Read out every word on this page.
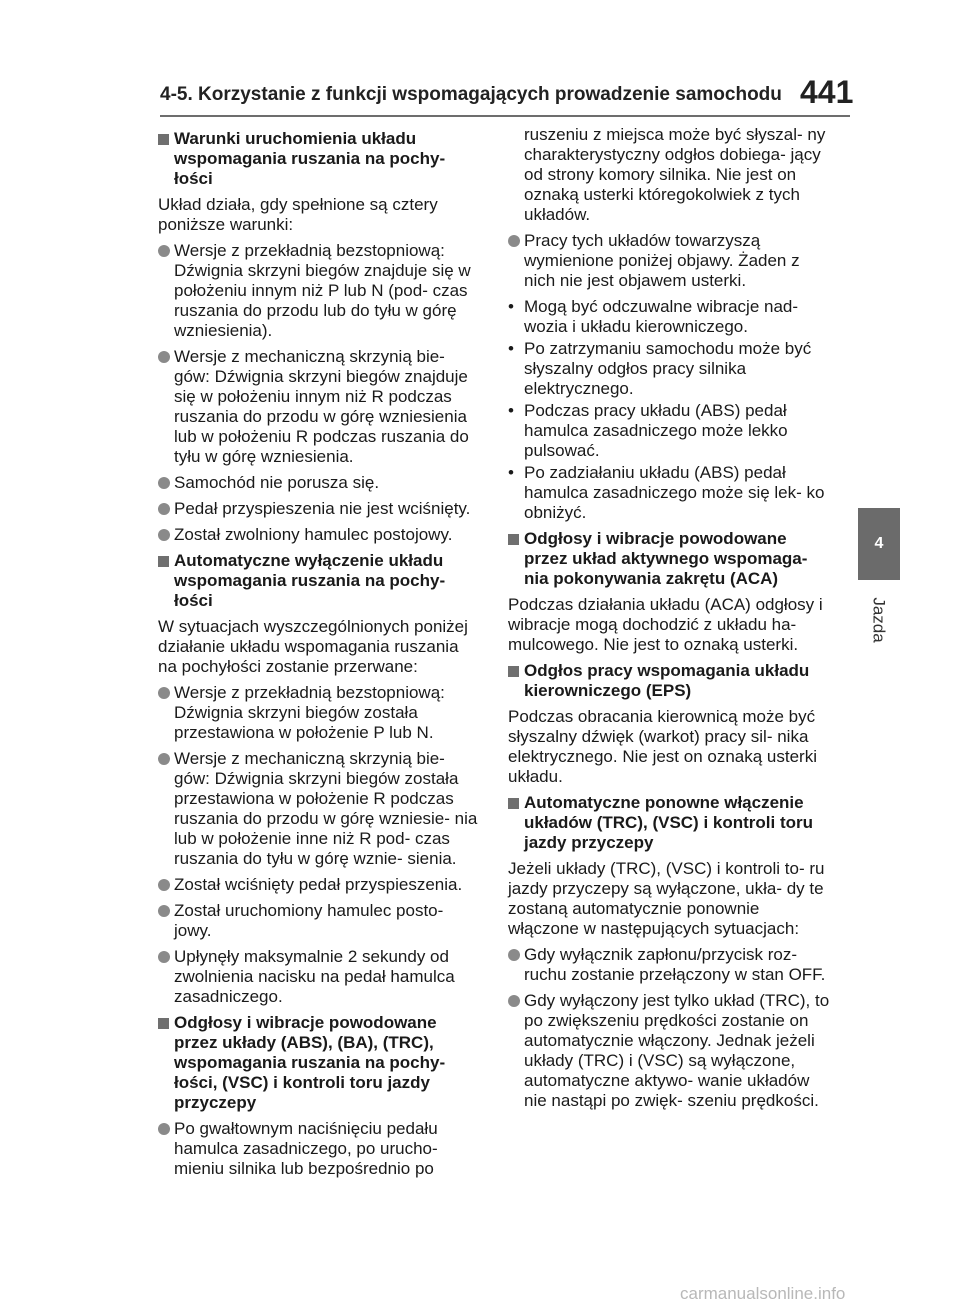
4-5. Korzystanie z funkcji wspomagających prowadzenie samochodu 441
4
Jazda
Warunki uruchomienia układu wspomagania ruszania na pochy- łości
Układ działa, gdy spełnione są cztery poniższe warunki:
Wersje z przekładnią bezstopniową: Dźwignia skrzyni biegów znajduje się w położeniu innym niż P lub N (pod- czas ruszania do przodu lub do tyłu w górę wzniesienia).
Wersje z mechaniczną skrzynią bie- gów: Dźwignia skrzyni biegów znajduje się w położeniu innym niż R podczas ruszania do przodu w górę wzniesienia lub w położeniu R podczas ruszania do tyłu w górę wzniesienia.
Samochód nie porusza się.
Pedał przyspieszenia nie jest wciśnięty.
Został zwolniony hamulec postojowy.
Automatyczne wyłączenie układu wspomagania ruszania na pochy- łości
W sytuacjach wyszczególnionych poniżej działanie układu wspomagania ruszania na pochyłości zostanie przerwane:
Wersje z przekładnią bezstopniową: Dźwignia skrzyni biegów została przestawiona w położenie P lub N.
Wersje z mechaniczną skrzynią bie- gów: Dźwignia skrzyni biegów została przestawiona w położenie R podczas ruszania do przodu w górę wzniesie- nia lub w położenie inne niż R pod- czas ruszania do tyłu w górę wznie- sienia.
Został wciśnięty pedał przyspieszenia.
Został uruchomiony hamulec posto- jowy.
Upłynęły maksymalnie 2 sekundy od zwolnienia nacisku na pedał hamulca zasadniczego.
Odgłosy i wibracje powodowane przez układy (ABS), (BA), (TRC), wspomagania ruszania na pochy- łości, (VSC) i kontroli toru jazdy przyczepy
Po gwałtownym naciśnięciu pedału hamulca zasadniczego, po urucho- mieniu silnika lub bezpośrednio po
ruszeniu z miejsca może być słyszal- ny charakterystyczny odgłos dobiega- jący od strony komory silnika. Nie jest on oznaką usterki któregokolwiek z tych układów.
Pracy tych układów towarzyszą wymienione poniżej objawy. Żaden z nich nie jest objawem usterki.
• Mogą być odczuwalne wibracje nad- wozia i układu kierowniczego.
• Po zatrzymaniu samochodu może być słyszalny odgłos pracy silnika elektrycznego.
• Podczas pracy układu (ABS) pedał hamulca zasadniczego może lekko pulsować.
• Po zadziałaniu układu (ABS) pedał hamulca zasadniczego może się lek- ko obniżyć.
Odgłosy i wibracje powodowane przez układ aktywnego wspomaga- nia pokonywania zakrętu (ACA)
Podczas działania układu (ACA) odgłosy i wibracje mogą dochodzić z układu ha- mulcowego. Nie jest to oznaką usterki.
Odgłos pracy wspomagania układu kierowniczego (EPS)
Podczas obracania kierownicą może być słyszalny dźwięk (warkot) pracy sil- nika elektrycznego. Nie jest on oznaką usterki układu.
Automatyczne ponowne włączenie układów (TRC), (VSC) i kontroli toru jazdy przyczepy
Jeżeli układy (TRC), (VSC) i kontroli to- ru jazdy przyczepy są wyłączone, ukła- dy te zostaną automatycznie ponownie włączone w następujących sytuacjach:
Gdy wyłącznik zapłonu/przycisk roz- ruchu zostanie przełączony w stan OFF.
Gdy wyłączony jest tylko układ (TRC), to po zwiększeniu prędkości zostanie on automatycznie włączony. Jednak jeżeli układy (TRC) i (VSC) są wyłączone, automatyczne aktywo- wanie układów nie nastąpi po zwięk- szeniu prędkości.
carmanualsonline.info
